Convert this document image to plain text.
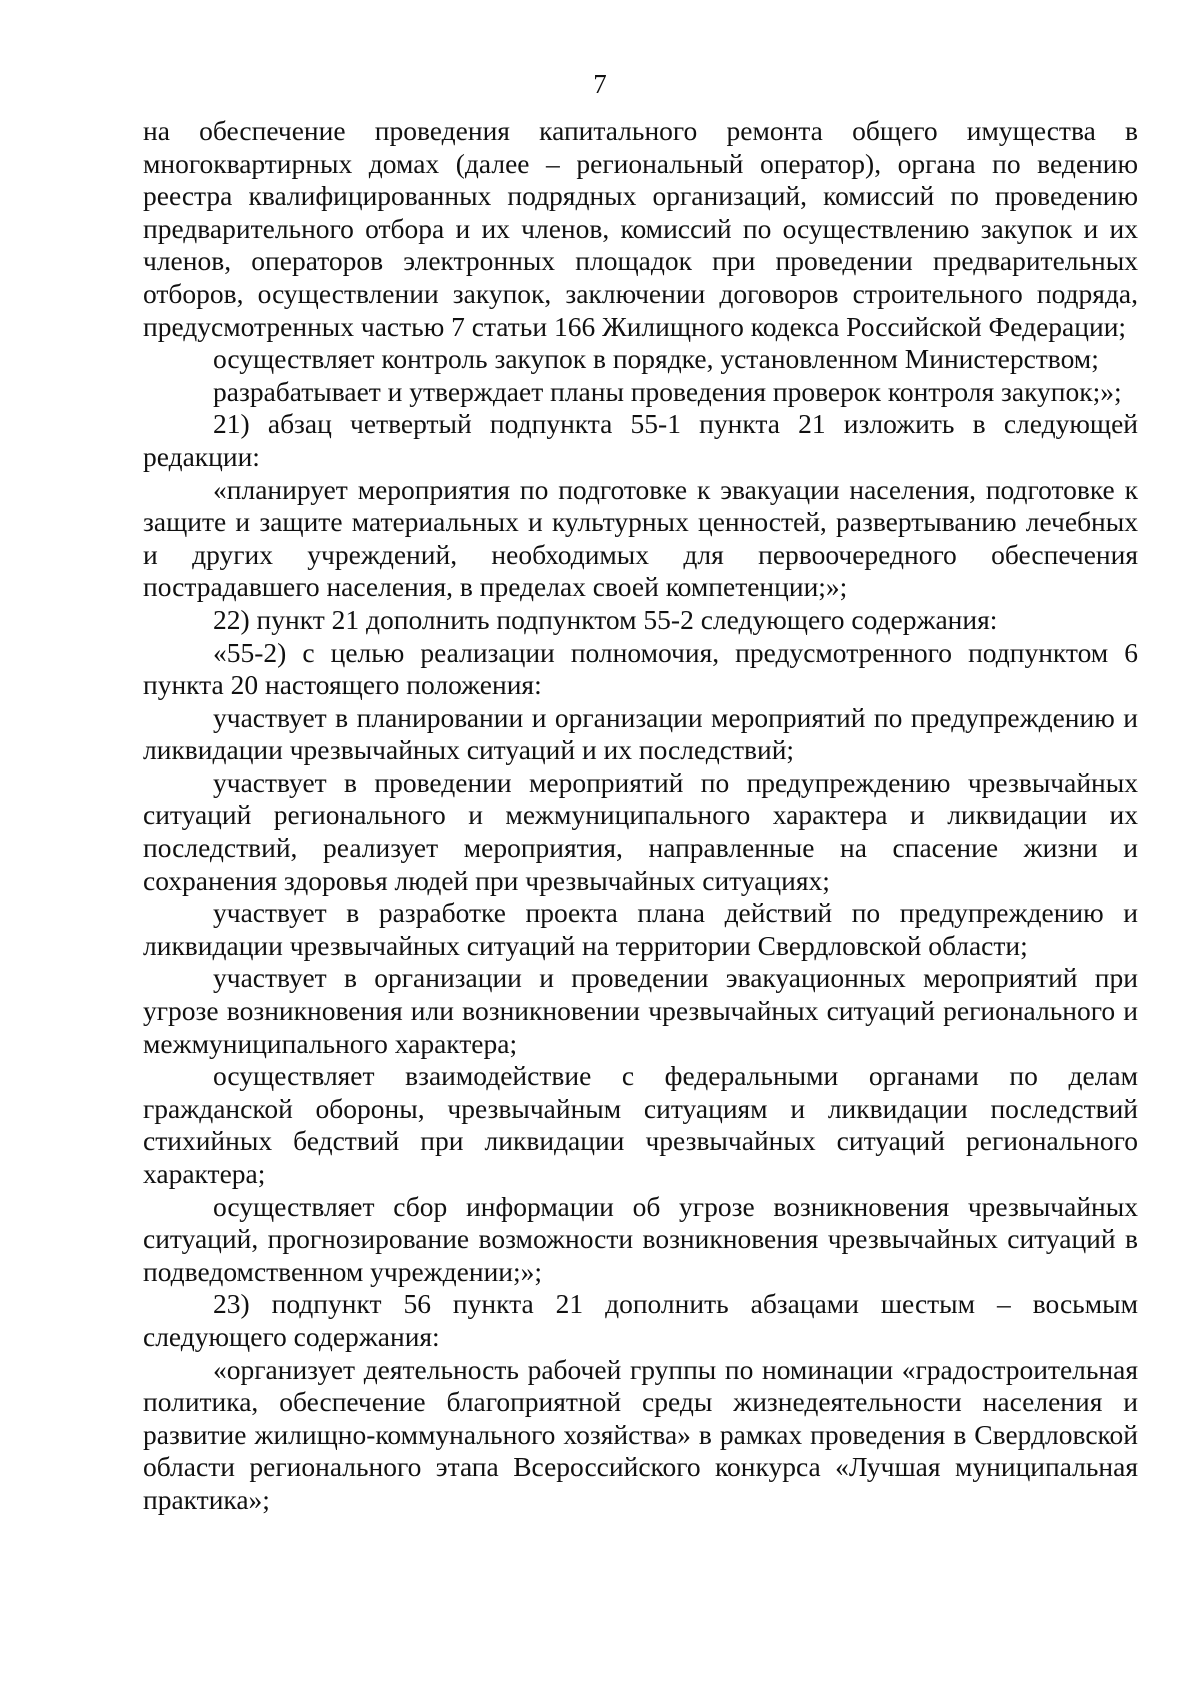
7

на обеспечение проведения капитального ремонта общего имущества в многоквартирных домах (далее – региональный оператор), органа по ведению реестра квалифицированных подрядных организаций, комиссий по проведению предварительного отбора и их членов, комиссий по осуществлению закупок и их членов, операторов электронных площадок при проведении предварительных отборов, осуществлении закупок, заключении договоров строительного подряда, предусмотренных частью 7 статьи 166 Жилищного кодекса Российской Федерации;

осуществляет контроль закупок в порядке, установленном Министерством;

разрабатывает и утверждает планы проведения проверок контроля закупок;»;

21) абзац четвертый подпункта 55-1 пункта 21 изложить в следующей редакции:

«планирует мероприятия по подготовке к эвакуации населения, подготовке к защите и защите материальных и культурных ценностей, развертыванию лечебных и других учреждений, необходимых для первоочередного обеспечения пострадавшего населения, в пределах своей компетенции;»;

22) пункт 21 дополнить подпунктом 55-2 следующего содержания:

«55-2) с целью реализации полномочия, предусмотренного подпунктом 6 пункта 20 настоящего положения:

участвует в планировании и организации мероприятий по предупреждению и ликвидации чрезвычайных ситуаций и их последствий;

участвует в проведении мероприятий по предупреждению чрезвычайных ситуаций регионального и межмуниципального характера и ликвидации их последствий, реализует мероприятия, направленные на спасение жизни и сохранения здоровья людей при чрезвычайных ситуациях;

участвует в разработке проекта плана действий по предупреждению и ликвидации чрезвычайных ситуаций на территории Свердловской области;

участвует в организации и проведении эвакуационных мероприятий при угрозе возникновения или возникновении чрезвычайных ситуаций регионального и межмуниципального характера;

осуществляет взаимодействие с федеральными органами по делам гражданской обороны, чрезвычайным ситуациям и ликвидации последствий стихийных бедствий при ликвидации чрезвычайных ситуаций регионального характера;

осуществляет сбор информации об угрозе возникновения чрезвычайных ситуаций, прогнозирование возможности возникновения чрезвычайных ситуаций в подведомственном учреждении;»;

23) подпункт 56 пункта 21 дополнить абзацами шестым – восьмым следующего содержания:

«организует деятельность рабочей группы по номинации «градостроительная политика, обеспечение благоприятной среды жизнедеятельности населения и развитие жилищно-коммунального хозяйства» в рамках проведения в Свердловской области регионального этапа Всероссийского конкурса «Лучшая муниципальная практика»;
